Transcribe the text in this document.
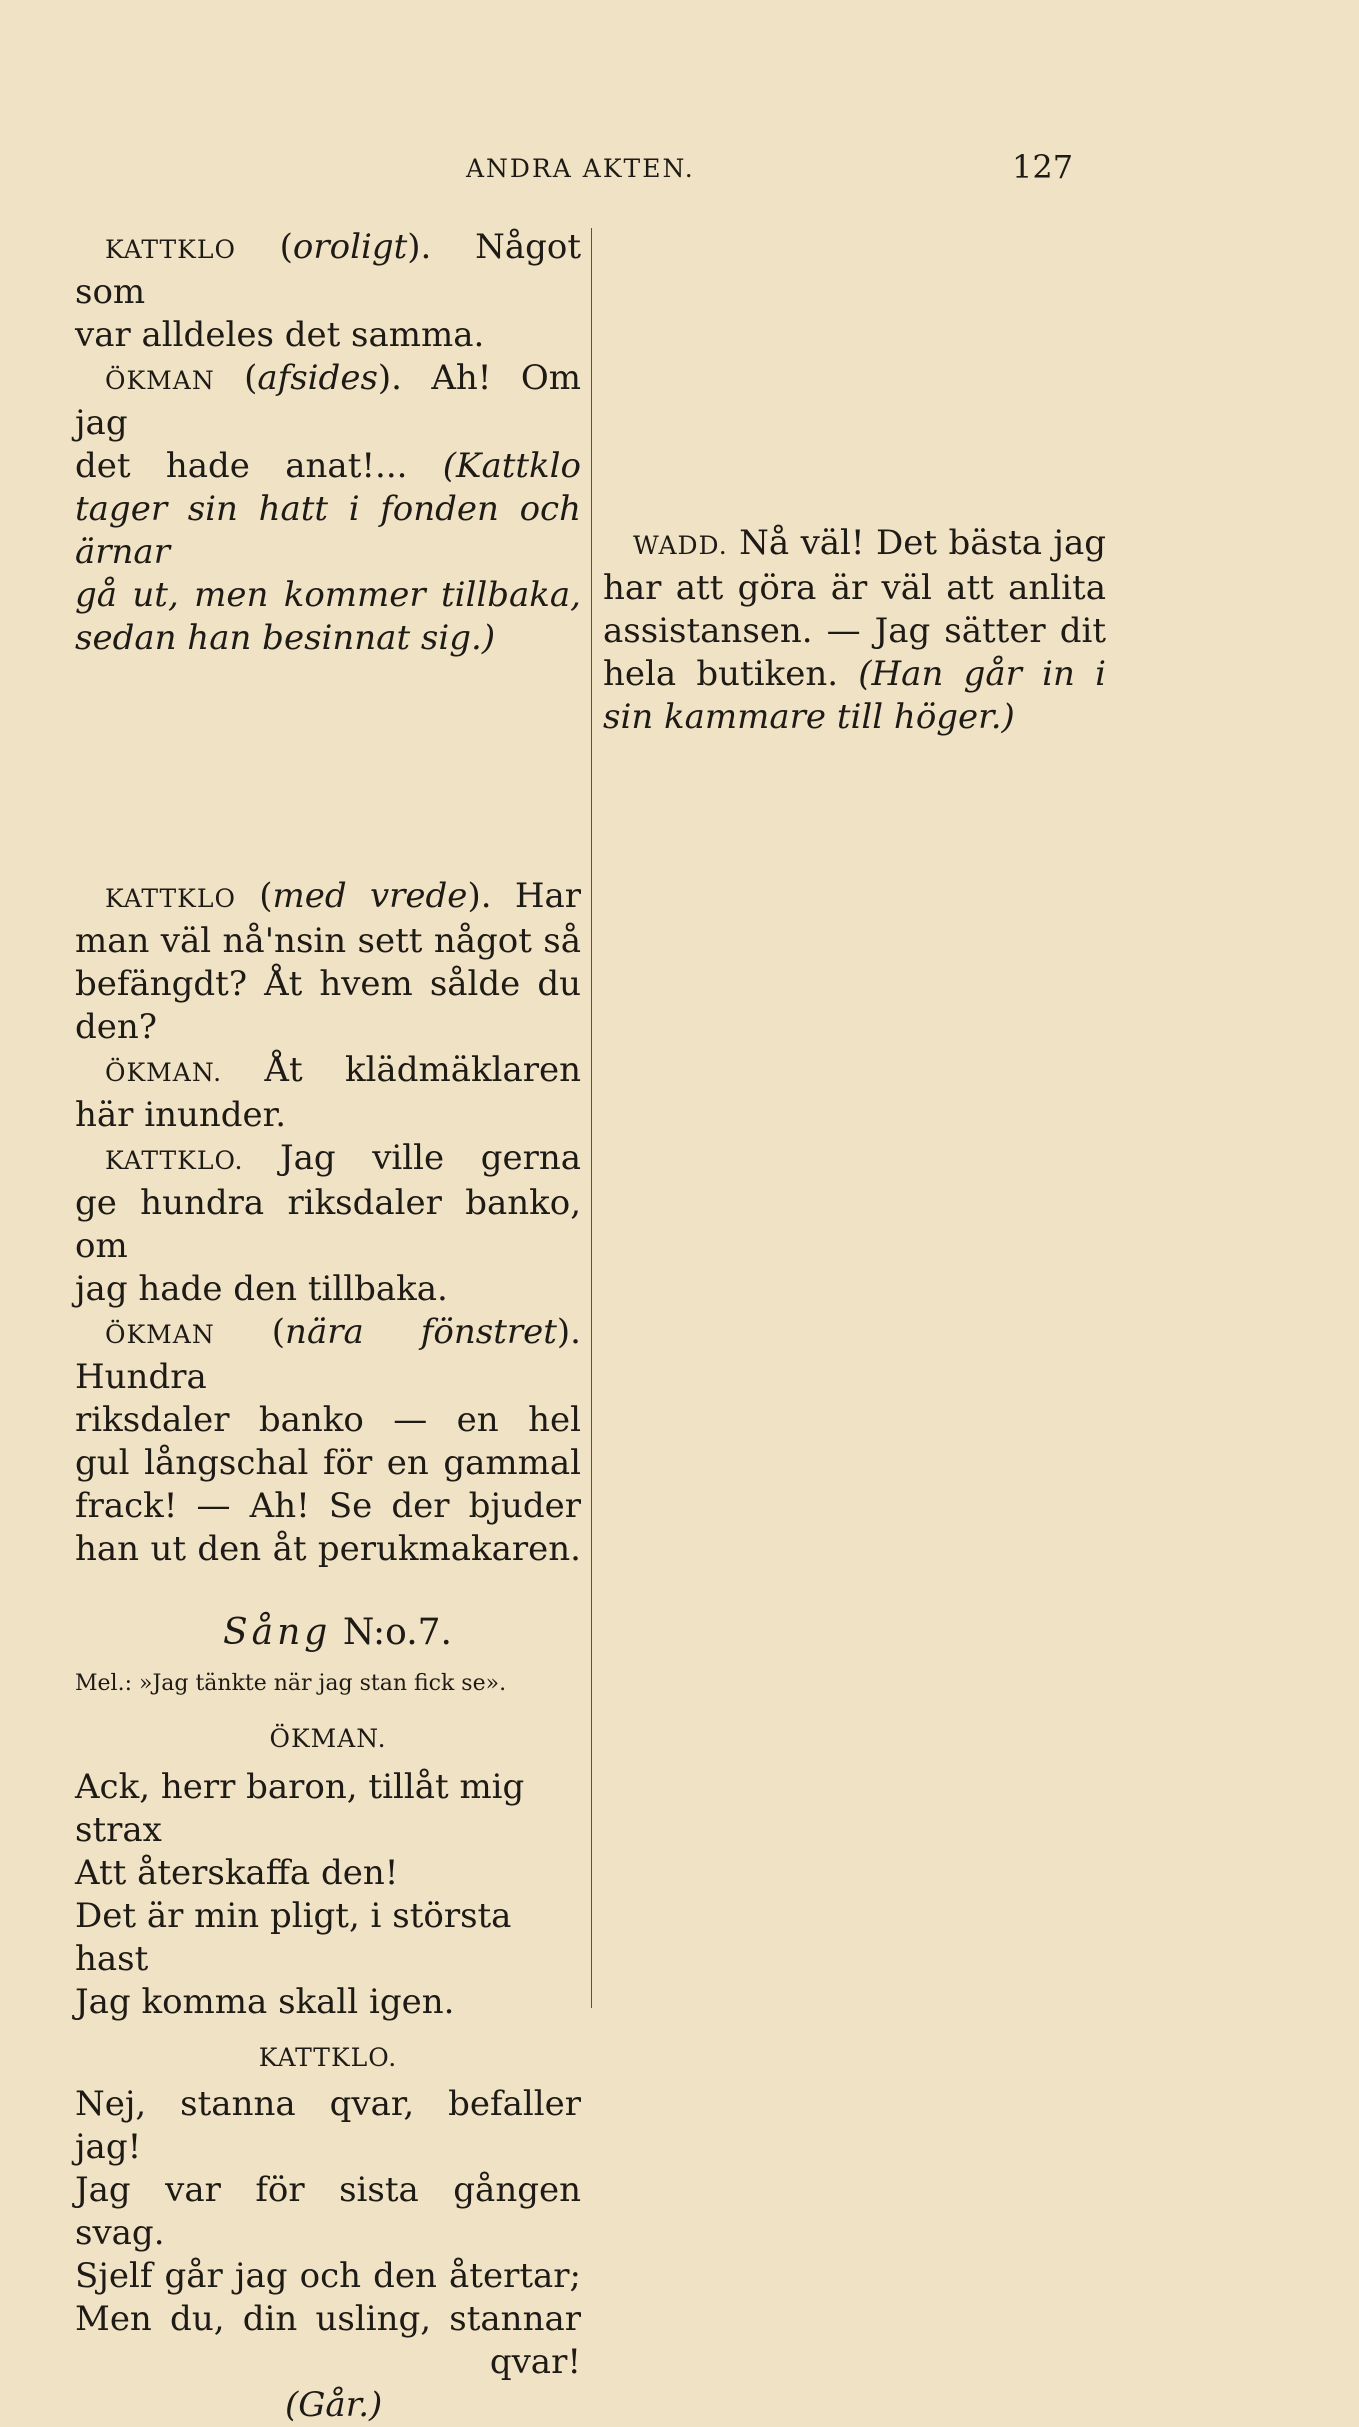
ANDRA AKTEN.	127

KATTKLO (oroligt). Något som

var alldeles det samma.

ÖKMAN (afsides). Ah! Om jag

det hade anat!... (Kattklo

tager sin hatt i fonden och ärnar

gå ut, men kommer tillbaka,

sedan han besinnat sig.)

KATTKLO (med vrede). Har

man väl nå'nsin sett något så

befängdt? Åt hvem sålde du

den?

ÖKMAN. Åt klädmäklaren

här inunder.

KATTKLO. Jag ville gerna

ge hundra riksdaler banko, om

jag hade den tillbaka.

ÖKMAN (nära fönstret). Hundra

riksdaler banko — en hel

gul långschal för en gammal

frack! — Ah! Se der bjuder

han ut den åt perukmakaren.

Sång N:o.7.

Mel.: »Jag tänkte när jag stan fick se».

ÖKMAN.

Ack, herr baron, tillåt mig strax

Att återskaffa den!

Det är min pligt, i största hast

Jag komma skall igen.

KATTKLO.

Nej, stanna qvar, befaller jag!

Jag var för sista gången svag.

Sjelf går jag och den återtar;

Men du, din usling, stannar

qvar!

(Går.)

WADD. Nå väl! Det bästa jag

har att göra är väl att anlita

assistansen. — Jag sätter dit

hela butiken. (Han går in i

sin kammare till höger.)
